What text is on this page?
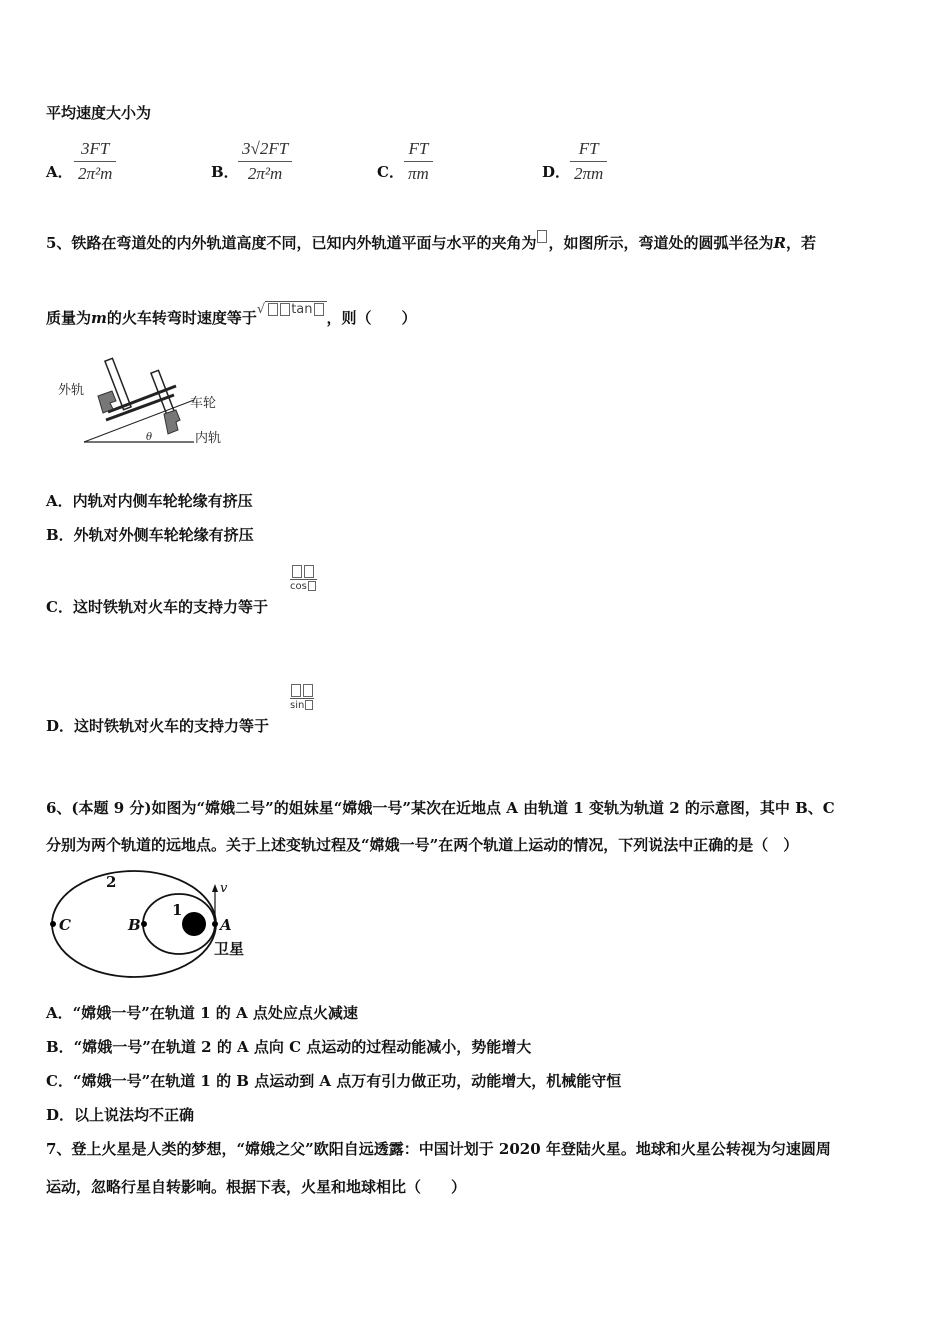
平均速度大小为
A．
3FT
2π²m	B．
3√2FT
2π²m	C．
FT
πm	D．
FT
2πm
5、铁路在弯道处的内外轨道高度不同，已知内外轨道平面与水平的夹角为 ，如图所示，弯道处的圆弧半径为R，若
质量为m的火车转弯时速度等于√ tan ，则（　　）
θ
外轨
车轮
内轨
A．内轨对内侧车轮轮缘有挤压
B．外轨对外侧车轮轮缘有挤压
C．这时铁轨对火车的支持力等于
cos
D．这时铁轨对火车的支持力等于
sin
6、(本题 9 分)如图为“嫦娥二号”的姐妹星“嫦娥一号”某次在近地点 A 由轨道 1 变轨为轨道 2 的示意图，其中 B、C
分别为两个轨道的远地点。关于上述变轨过程及“嫦娥一号”在两个轨道上运动的情况，下列说法中正确的是（　）
2
1
C	B	A
v
卫星
A．“嫦娥一号”在轨道 1 的 A 点处应点火减速
B．“嫦娥一号”在轨道 2 的 A 点向 C 点运动的过程动能减小，势能增大
C．“嫦娥一号”在轨道 1 的 B 点运动到 A 点万有引力做正功，动能增大，机械能守恒
D．以上说法均不正确
7、登上火星是人类的梦想，“嫦娥之父”欧阳自远透露：中国计划于 2020 年登陆火星。地球和火星公转视为匀速圆周
运动，忽略行星自转影响。根据下表，火星和地球相比（　　）
